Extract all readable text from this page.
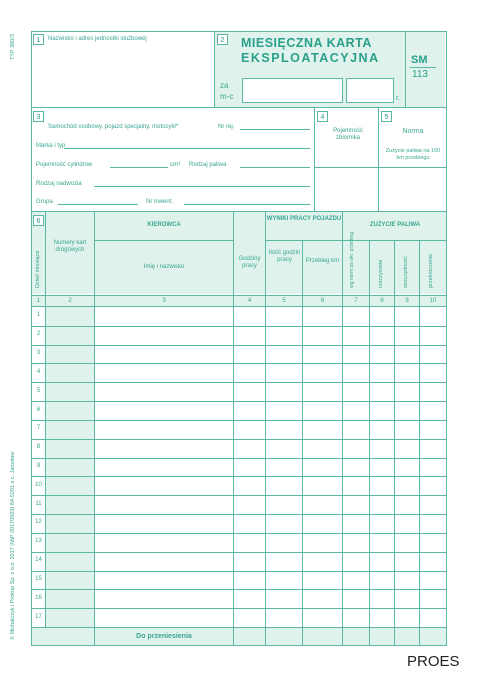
TYP 380/3
© Michalczyk i Prokop Sp. z o.o. 2017 (MiP 20170503) 84-5201 s.c. Jarosław
1	Nazwisko i adres jednostki służbowej	2 MIESIĘCZNA KARTA
EKSPLOATACYJNA
za
m-c	r.
SM
113
3
Samochód osobowy, pojazd specjalny, motocykl*	Nr rej.
Marka i typ
Pojemność cylindrów	cm³ Rodzaj paliwa
Rodzaj nadwozia
Grupa	Nr inwent.
4
Pojemność zbiornika
5
Norma
Zużycie paliwa na 100 km przebiegu
6
Dzień miesiąca
Numery kart drogowych
KIEROWCA
Imię i nazwisko
Godziny pracy
WYNIKI PRACY POJAZDU
Ilość godzin pracy	Przebieg km
ZUŻYCIE PALIWA
wg norm za okr. przebieg	rzeczywiste	oszczędność	przekroczenie
1	2	3	4	5	6	7	8	9	10
1
2
3
4
5
6
7
8
9
10
11
12
13
14
15
16
17
Do przeniesienia
PROES
